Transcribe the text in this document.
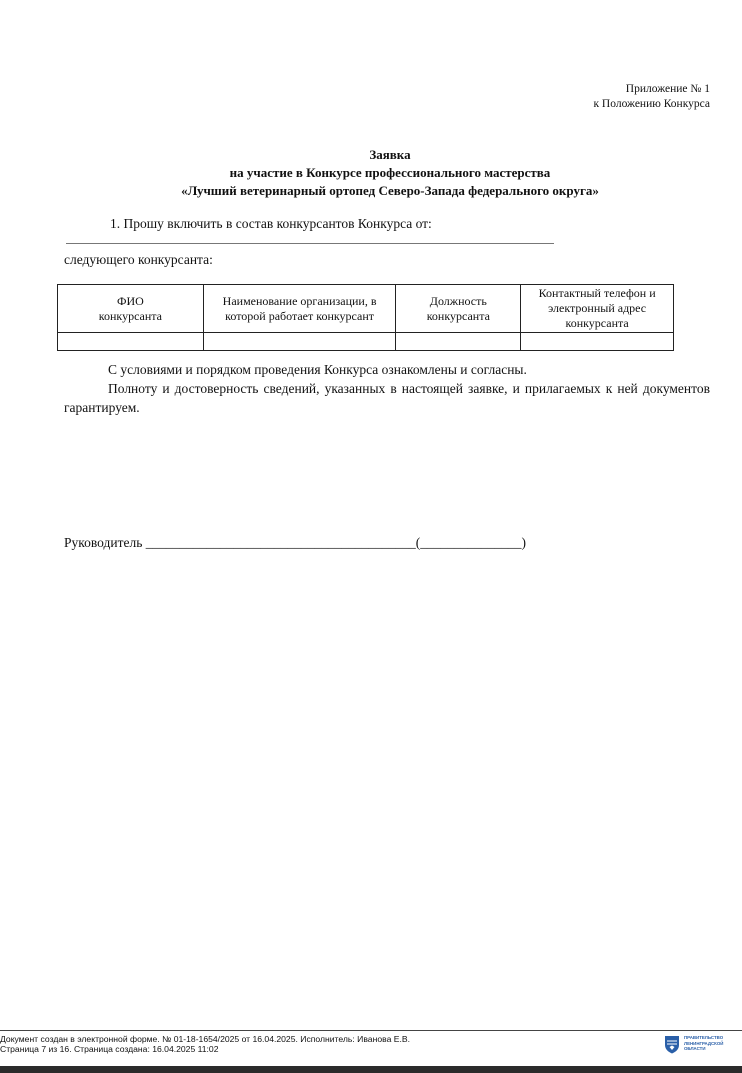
Приложение № 1
к Положению Конкурса
Заявка
на участие в Конкурсе профессионального мастерства
«Лучший ветеринарный ортопед Северо-Запада федерального округа»
1. Прошу включить в состав конкурсантов Конкурса от:
следующего конкурсанта:
ФИО конкурсанта	Наименование организации, в которой работает конкурсант	Должность конкурсанта	Контактный телефон и электронный адрес конкурсанта

С условиями и порядком проведения Конкурса ознакомлены и согласны.

Полноту и достоверность сведений, указанных в настоящей заявке, и прилагаемых к ней документов гарантируем.

Руководитель ________________________________________(_______________)
Документ создан в электронной форме. № 01-18-1654/2025 от 16.04.2025. Исполнитель: Иванова Е.В.
Страница 7 из 16. Страница создана: 16.04.2025 11:02
ПРАВИТЕЛЬСТВО
ЛЕНИНГРАДСКОЙ
ОБЛАСТИ
